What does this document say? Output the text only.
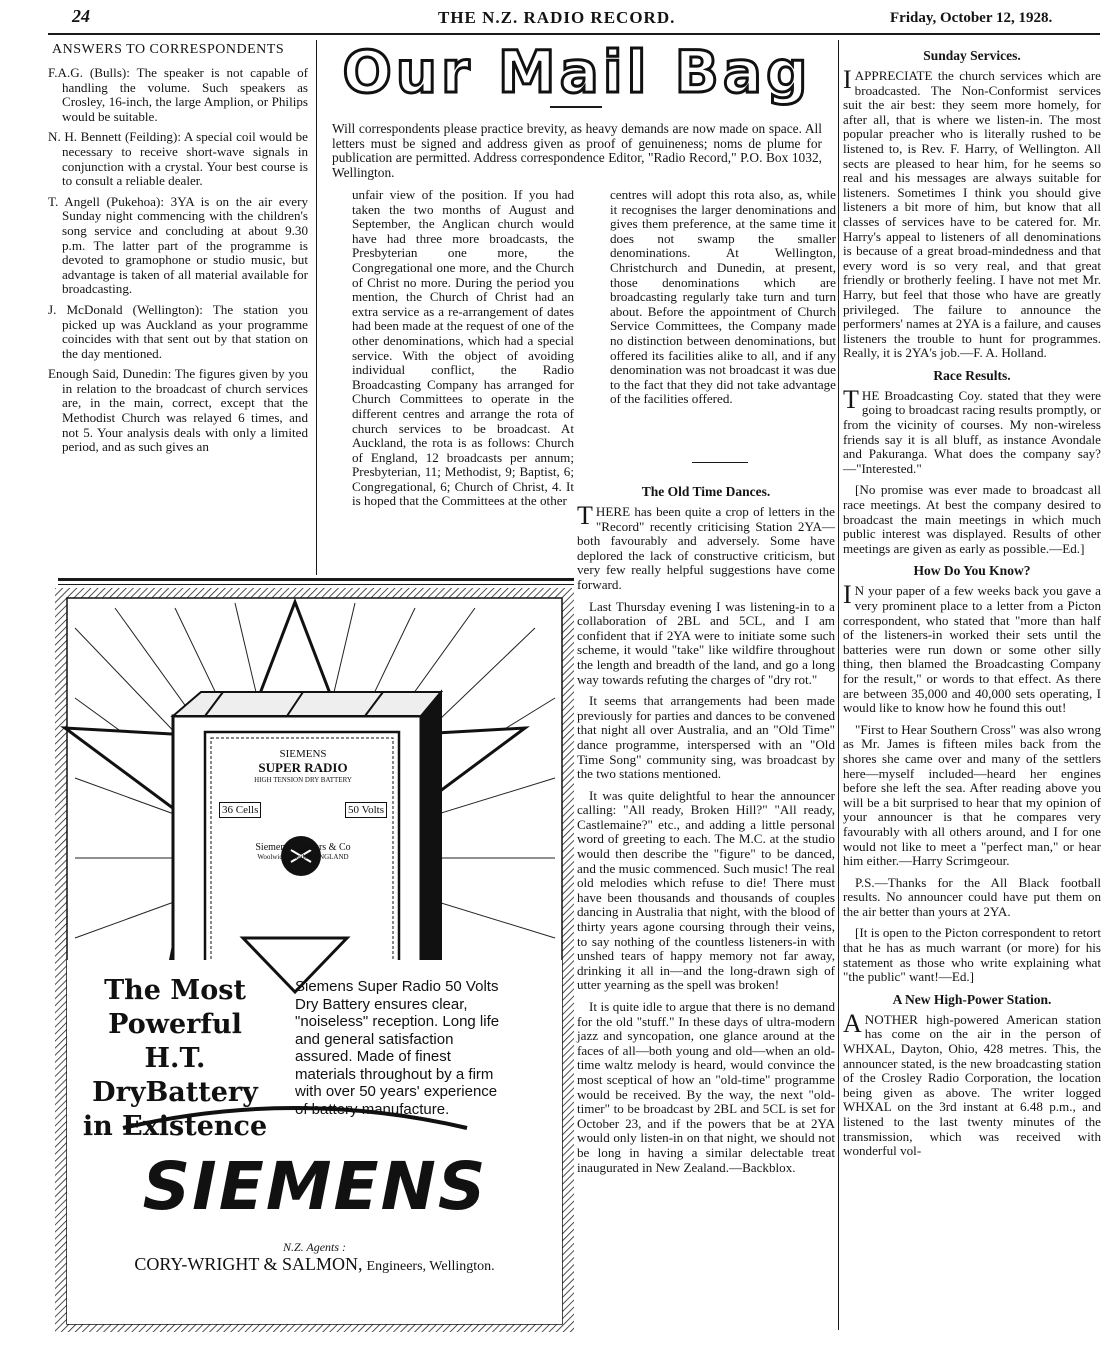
24	THE N.Z. RADIO RECORD.	Friday, October 12, 1928.
ANSWERS TO CORRESPONDENTS

F.A.G. (Bulls): The speaker is not capable of handling the volume. Such speakers as Crosley, 16-inch, the large Amplion, or Philips would be suitable.

N. H. Bennett (Feilding): A special coil would be necessary to receive short-wave signals in conjunction with a crystal. Your best course is to consult a reliable dealer.

T. Angell (Pukehoa): 3YA is on the air every Sunday night commencing with the children's song service and concluding at about 9.30 p.m. The latter part of the programme is devoted to gramophone or studio music, but advantage is taken of all material available for broadcasting.

J. McDonald (Wellington): The station you picked up was Auckland as your programme coincides with that sent out by that station on the day mentioned.

Enough Said, Dunedin: The figures given by you in relation to the broadcast of church services are, in the main, correct, except that the Methodist Church was relayed 6 times, and not 5. Your analysis deals with only a limited period, and as such gives an

Our Mail Bag

Will correspondents please practice brevity, as heavy demands are now made on space. All letters must be signed and address given as proof of genuineness; noms de plume for publication are permitted. Address correspondence Editor, "Radio Record," P.O. Box 1032, Wellington.

unfair view of the position. If you had taken the two months of August and September, the Anglican church would have had three more broadcasts, the Presbyterian one more, the Congregational one more, and the Church of Christ no more. During the period you mention, the Church of Christ had an extra service as a re-arrangement of dates had been made at the request of one of the other denominations, which had a special service. With the object of avoiding individual conflict, the Radio Broadcasting Company has arranged for Church Committees to operate in the different centres and arrange the rota of church services to be broadcast. At Auckland, the rota is as follows: Church of England, 12 broadcasts per annum; Presbyterian, 11; Methodist, 9; Baptist, 6; Congregational, 6; Church of Christ, 4. It is hoped that the Committees at the other

centres will adopt this rota also, as, while it recognises the larger denominations and gives them preference, at the same time it does not swamp the smaller denominations. At Wellington, Christchurch and Dunedin, at present, those denominations which are broadcasting regularly take turn and turn about. Before the appointment of Church Service Committees, the Company made no distinction between denominations, but offered its facilities alike to all, and if any denomination was not broadcast it was due to the fact that they did not take advantage of the facilities offered.

The Old Time Dances.

THERE has been quite a crop of letters in the "Record" recently criticising Station 2YA—both favourably and adversely. Some have deplored the lack of constructive criticism, but very few really helpful suggestions have come forward.

Last Thursday evening I was listening-in to a collaboration of 2BL and 5CL, and I am confident that if 2YA were to initiate some such scheme, it would "take" like wildfire throughout the length and breadth of the land, and go a long way towards refuting the charges of "dry rot."

It seems that arrangements had been made previously for parties and dances to be convened that night all over Australia, and an "Old Time" dance programme, interspersed with an "Old Time Song" community sing, was broadcast by the two stations mentioned.

It was quite delightful to hear the announcer calling: "All ready, Broken Hill?" "All ready, Castlemaine?" etc., and adding a little personal word of greeting to each. The M.C. at the studio would then describe the "figure" to be danced, and the music commenced. Such music! The real old melodies which refuse to die! There must have been thousands and thousands of couples dancing in Australia that night, with the blood of thirty years agone coursing through their veins, to say nothing of the countless listeners-in with unshed tears of happy memory not far away, drinking it all in—and the long-drawn sigh of utter yearning as the spell was broken!

It is quite idle to argue that there is no demand for the old "stuff." In these days of ultra-modern jazz and syncopation, one glance around at the faces of all—both young and old—when an old-time waltz melody is heard, would convince the most sceptical of how an "old-time" programme would be received. By the way, the next "old-timer" to be broadcast by 2BL and 5CL is set for October 23, and if the powers that be at 2YA would only listen-in on that night, we should not be long in having a similar delectable treat inaugurated in New Zealand.—Backblox.

Sunday Services.

IAPPRECIATE the church services which are broadcasted. The Non-Conformist services suit the air best: they seem more homely, for after all, that is where we listen-in. The most popular preacher who is literally rushed to be listened to, is Rev. F. Harry, of Wellington. All sects are pleased to hear him, for he seems so real and his messages are always suitable for listeners. Sometimes I think you should give listeners a bit more of him, but know that all classes of services have to be catered for. Mr. Harry's appeal to listeners of all denominations is because of a great broad-mindedness and that every word is so very real, and that great friendly or brotherly feeling. I have not met Mr. Harry, but feel that those who have are greatly privileged. The failure to announce the performers' names at 2YA is a failure, and causes listeners the trouble to hunt for programmes. Really, it is 2YA's job.—F. A. Holland.

Race Results.

THE Broadcasting Coy. stated that they were going to broadcast racing results promptly, or from the vicinity of courses. My non-wireless friends say it is all bluff, as instance Avondale and Pakuranga. What does the company say?—"Interested."

[No promise was ever made to broadcast all race meetings. At best the company desired to broadcast the main meetings in which much public interest was displayed. Results of other meetings are given as early as possible.—Ed.]

How Do You Know?

I N your paper of a few weeks back you gave a very prominent place to a letter from a Picton correspondent, who stated that "more than half of the listeners-in worked their sets until the batteries were run down or some other silly thing, then blamed the Broadcasting Company for the result," or words to that effect. As there are between 35,000 and 40,000 sets operating, I would like to know how he found this out!

"First to Hear Southern Cross" was also wrong as Mr. James is fifteen miles back from the shores she came over and many of the settlers here—myself included—heard her engines before she left the sea. After reading above you will be a bit surprised to hear that my opinion of your announcer is that he compares very favourably with all others around, and I for one would not like to meet a "perfect man," or hear him either.—Harry Scrimgeour.

P.S.—Thanks for the All Black football results. No announcer could have put them on the air better than yours at 2YA.

[It is open to the Picton correspondent to retort that he has as much warrant (or more) for his statement as those who write explaining what "the public" want!—Ed.]

A New High-Power Station.

ANOTHER high-powered American station has come on the air in the person of WHXAL, Dayton, Ohio, 428 metres. This, the announcer stated, is the new broadcasting station of the Crosley Radio Corporation, the location being given as above. The writer logged WHXAL on the 3rd instant at 6.48 p.m., and listened to the last twenty minutes of the transmission, which was received with wonderful vol-

SIEMENS
SUPER RADIO
HIGH TENSION DRY BATTERY
36 Cells	50 Volts
Siemens Brothers & Co
Woolwich, London, ENGLAND
The Most
Powerful
H.T.
DryBattery
in Existence

Siemens Super Radio 50 Volts Dry Battery ensures clear, "noiseless" reception. Long life and general satisfaction assured. Made of finest materials throughout by a firm with over 50 years' experience of battery manufacture.

SIEMENS
N.Z. Agents :
CORY-WRIGHT & SALMON, Engineers, Wellington.
